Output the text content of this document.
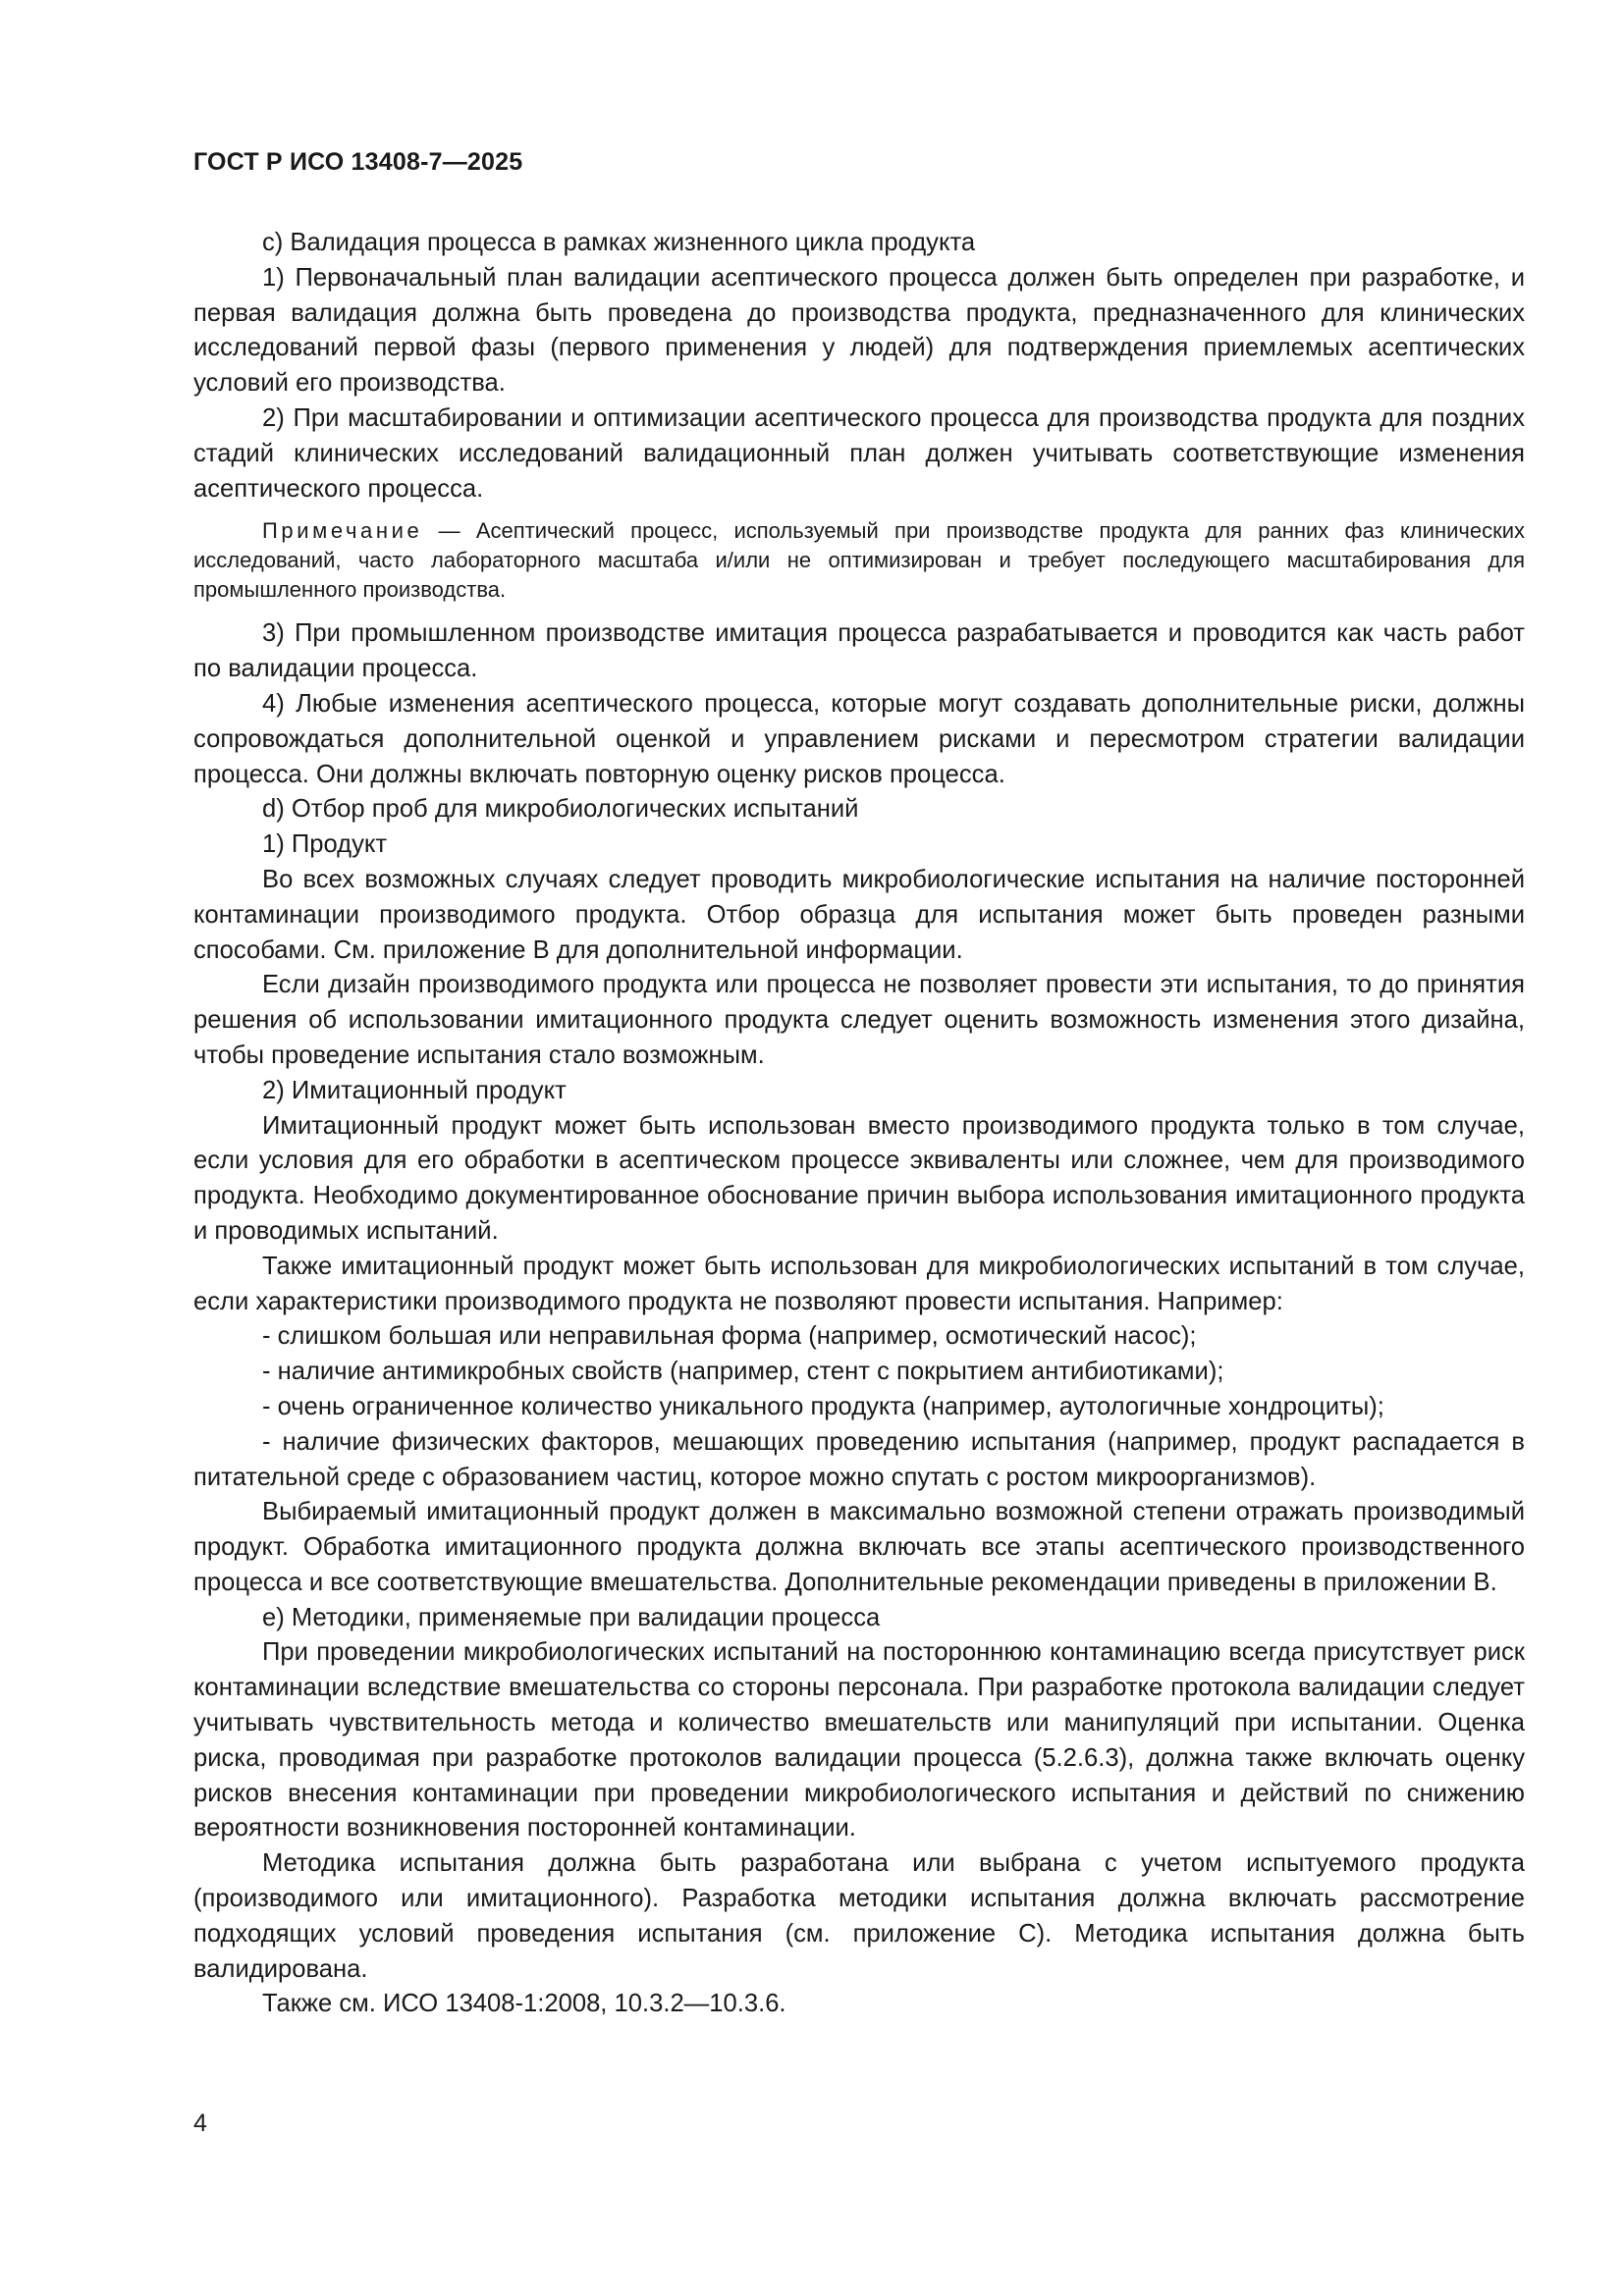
ГОСТ Р ИСО 13408-7—2025

c) Валидация процесса в рамках жизненного цикла продукта

1) Первоначальный план валидации асептического процесса должен быть определен при разработке, и первая валидация должна быть проведена до производства продукта, предназначенного для клинических исследований первой фазы (первого применения у людей) для подтверждения приемлемых асептических условий его производства.

2) При масштабировании и оптимизации асептического процесса для производства продукта для поздних стадий клинических исследований валидационный план должен учитывать соответствующие изменения асептического процесса.

Примечание — Асептический процесс, используемый при производстве продукта для ранних фаз клинических исследований, часто лабораторного масштаба и/или не оптимизирован и требует последующего масштабирования для промышленного производства.

3) При промышленном производстве имитация процесса разрабатывается и проводится как часть работ по валидации процесса.

4) Любые изменения асептического процесса, которые могут создавать дополнительные риски, должны сопровождаться дополнительной оценкой и управлением рисками и пересмотром стратегии валидации процесса. Они должны включать повторную оценку рисков процесса.

d) Отбор проб для микробиологических испытаний

1) Продукт

Во всех возможных случаях следует проводить микробиологические испытания на наличие посторонней контаминации производимого продукта. Отбор образца для испытания может быть проведен разными способами. См. приложение В для дополнительной информации.

Если дизайн производимого продукта или процесса не позволяет провести эти испытания, то до принятия решения об использовании имитационного продукта следует оценить возможность изменения этого дизайна, чтобы проведение испытания стало возможным.

2) Имитационный продукт

Имитационный продукт может быть использован вместо производимого продукта только в том случае, если условия для его обработки в асептическом процессе эквиваленты или сложнее, чем для производимого продукта. Необходимо документированное обоснование причин выбора использования имитационного продукта и проводимых испытаний.

Также имитационный продукт может быть использован для микробиологических испытаний в том случае, если характеристики производимого продукта не позволяют провести испытания. Например:

- слишком большая или неправильная форма (например, осмотический насос);

- наличие антимикробных свойств (например, стент с покрытием антибиотиками);

- очень ограниченное количество уникального продукта (например, аутологичные хондроциты);

- наличие физических факторов, мешающих проведению испытания (например, продукт распадается в питательной среде с образованием частиц, которое можно спутать с ростом микроорганизмов).

Выбираемый имитационный продукт должен в максимально возможной степени отражать производимый продукт. Обработка имитационного продукта должна включать все этапы асептического производственного процесса и все соответствующие вмешательства. Дополнительные рекомендации приведены в приложении В.

e) Методики, применяемые при валидации процесса

При проведении микробиологических испытаний на постороннюю контаминацию всегда присутствует риск контаминации вследствие вмешательства со стороны персонала. При разработке протокола валидации следует учитывать чувствительность метода и количество вмешательств или манипуляций при испытании. Оценка риска, проводимая при разработке протоколов валидации процесса (5.2.6.3), должна также включать оценку рисков внесения контаминации при проведении микробиологического испытания и действий по снижению вероятности возникновения посторонней контаминации.

Методика испытания должна быть разработана или выбрана с учетом испытуемого продукта (производимого или имитационного). Разработка методики испытания должна включать рассмотрение подходящих условий проведения испытания (см. приложение С). Методика испытания должна быть валидирована.

Также см. ИСО 13408-1:2008, 10.3.2—10.3.6.

4
